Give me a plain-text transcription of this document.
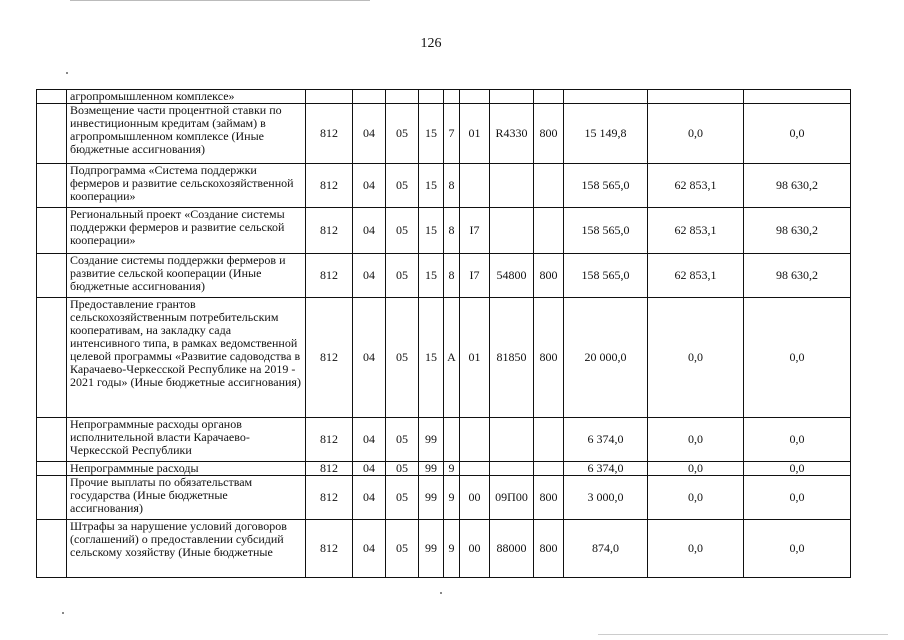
126
	агропромышленном комплексе»											
	Возмещение части процентной ставки по инвестиционным кредитам (займам) в агропромышленном комплексе (Иные бюджетные ассигнования)	812	04	05	15	7	01	R4330	800	15 149,8	0,0	0,0
	Подпрограмма «Система поддержки фермеров и развитие сельскохозяйственной кооперации»	812	04	05	15	8				158 565,0	62 853,1	98 630,2
	Региональный проект «Создание системы поддержки фермеров и развитие сельской кооперации»	812	04	05	15	8	I7			158 565,0	62 853,1	98 630,2
	Создание системы поддержки фермеров и развитие сельской кооперации (Иные бюджетные ассигнования)	812	04	05	15	8	I7	54800	800	158 565,0	62 853,1	98 630,2
	Предоставление грантов сельскохозяйственным потребительским кооперативам, на закладку сада интенсивного типа, в рамках ведомственной целевой программы «Развитие садоводства в Карачаево-Черкесской Республике на 2019 - 2021 годы» (Иные бюджетные ассигнования)	812	04	05	15	А	01	81850	800	20 000,0	0,0	0,0
	Непрограммные расходы органов исполнительной власти Карачаево-Черкесской Республики	812	04	05	99					6 374,0	0,0	0,0
	Непрограммные расходы	812	04	05	99	9				6 374,0	0,0	0,0
	Прочие выплаты по обязательствам государства (Иные бюджетные ассигнования)	812	04	05	99	9	00	09П00	800	3 000,0	0,0	0,0
	Штрафы за нарушение условий договоров (соглашений) о предоставлении субсидий сельскому хозяйству (Иные бюджетные	812	04	05	99	9	00	88000	800	874,0	0,0	0,0
